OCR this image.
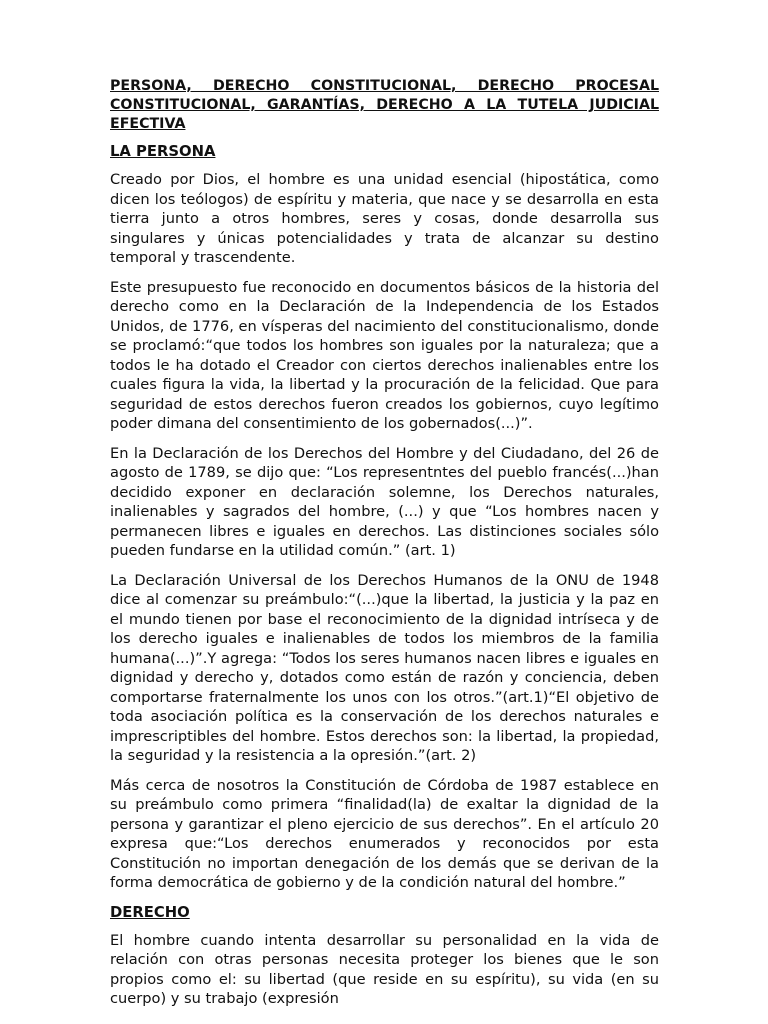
PERSONA, DERECHO CONSTITUCIONAL, DERECHO PROCESAL CONSTITUCIONAL, GARANTÍAS, DERECHO A LA TUTELA JUDICIAL EFECTIVA
LA PERSONA

Creado por Dios, el hombre es una unidad esencial (hipostática, como dicen los teólogos) de espíritu y materia, que nace y se desarrolla en esta tierra junto a otros hombres, seres y cosas, donde desarrolla sus singulares y únicas potencialidades y trata de alcanzar su destino temporal y trascendente.

Este presupuesto fue reconocido en documentos básicos de la historia del derecho como en la Declaración de la Independencia de los Estados Unidos, de 1776, en vísperas del nacimiento del constitucionalismo, donde se proclamó:“que todos los hombres son iguales por la naturaleza; que a todos le ha dotado el Creador con ciertos derechos inalienables entre los cuales figura la vida, la libertad y la procuración de la felicidad. Que para seguridad de estos derechos fueron creados los gobiernos, cuyo legítimo poder dimana del consentimiento de los gobernados(...)”.

En la Declaración de los Derechos del Hombre y del Ciudadano, del 26 de agosto de 1789, se dijo que: “Los representntes del pueblo francés(...)han decidido exponer en declaración solemne, los Derechos naturales, inalienables y sagrados del hombre, (...) y que “Los hombres nacen y permanecen libres e iguales en derechos. Las distinciones sociales sólo pueden fundarse en la utilidad común.” (art. 1)

La Declaración Universal de los Derechos Humanos de la ONU de 1948 dice al comenzar su preámbulo:“(...)que la libertad, la justicia y la paz en el mundo tienen por base el reconocimiento de la dignidad intríseca y de los derecho iguales e inalienables de todos los miembros de la familia humana(...)”.Y agrega: “Todos los seres humanos nacen libres e iguales en dignidad y derecho y, dotados como están de razón y conciencia, deben comportarse fraternalmente los unos con los otros.”(art.1)“El objetivo de toda asociación política es la conservación de los derechos naturales e imprescriptibles del hombre. Estos derechos son: la libertad, la propiedad, la seguridad y la resistencia a la opresión.”(art. 2)

Más cerca de nosotros la Constitución de Córdoba de 1987 establece en su preámbulo como primera “finalidad(la) de exaltar la dignidad de la persona y garantizar el pleno ejercicio de sus derechos”. En el artículo 20 expresa que:“Los derechos enumerados y reconocidos por esta Constitución no importan denegación de los demás que se derivan de la forma democrática de gobierno y de la condición natural del hombre.”

DERECHO

El hombre cuando intenta desarrollar su personalidad en la vida de relación con otras personas necesita proteger los bienes que le son propios como el: su libertad (que reside en su espíritu), su vida (en su cuerpo) y su trabajo (expresión
